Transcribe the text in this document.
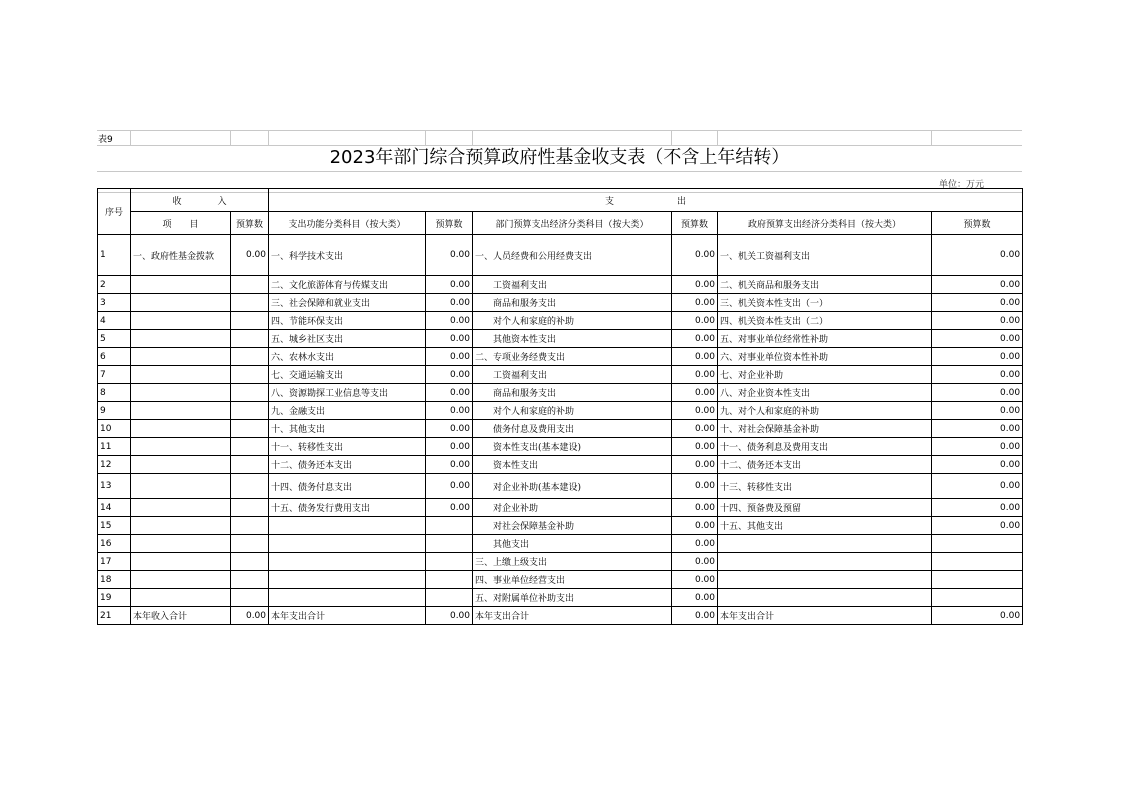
表9
2023年部门综合预算政府性基金收支表（不含上年结转）
单位：万元
序号	收　　　　入		支　　　　　　　出					
	项　　目	预算数	支出功能分类科目（按大类）	预算数	部门预算支出经济分类科目（按大类）	预算数	政府预算支出经济分类科目（按大类）	预算数
1	一、政府性基金拨款	0.00	一、科学技术支出	0.00	一、人员经费和公用经费支出	0.00	一、机关工资福利支出	0.00
2			二、文化旅游体育与传媒支出	0.00	工资福利支出	0.00	二、机关商品和服务支出	0.00
3			三、社会保障和就业支出	0.00	商品和服务支出	0.00	三、机关资本性支出（一）	0.00
4			四、节能环保支出	0.00	对个人和家庭的补助	0.00	四、机关资本性支出（二）	0.00
5			五、城乡社区支出	0.00	其他资本性支出	0.00	五、对事业单位经常性补助	0.00
6			六、农林水支出	0.00	二、专项业务经费支出	0.00	六、对事业单位资本性补助	0.00
7			七、交通运输支出	0.00	工资福利支出	0.00	七、对企业补助	0.00
8			八、资源勘探工业信息等支出	0.00	商品和服务支出	0.00	八、对企业资本性支出	0.00
9			九、金融支出	0.00	对个人和家庭的补助	0.00	九、对个人和家庭的补助	0.00
10			十、其他支出	0.00	债务付息及费用支出	0.00	十、对社会保障基金补助	0.00
11			十一、转移性支出	0.00	资本性支出(基本建设)	0.00	十一、债务利息及费用支出	0.00
12			十二、债务还本支出	0.00	资本性支出	0.00	十二、债务还本支出	0.00
13			十四、债务付息支出	0.00	对企业补助(基本建设)	0.00	十三、转移性支出	0.00
14			十五、债务发行费用支出	0.00	对企业补助	0.00	十四、预备费及预留	0.00
15					对社会保障基金补助	0.00	十五、其他支出	0.00
16					其他支出	0.00		
17					三、上缴上级支出	0.00		
18					四、事业单位经营支出	0.00		
19					五、对附属单位补助支出	0.00		
21	本年收入合计	0.00	本年支出合计	0.00	本年支出合计	0.00	本年支出合计	0.00
